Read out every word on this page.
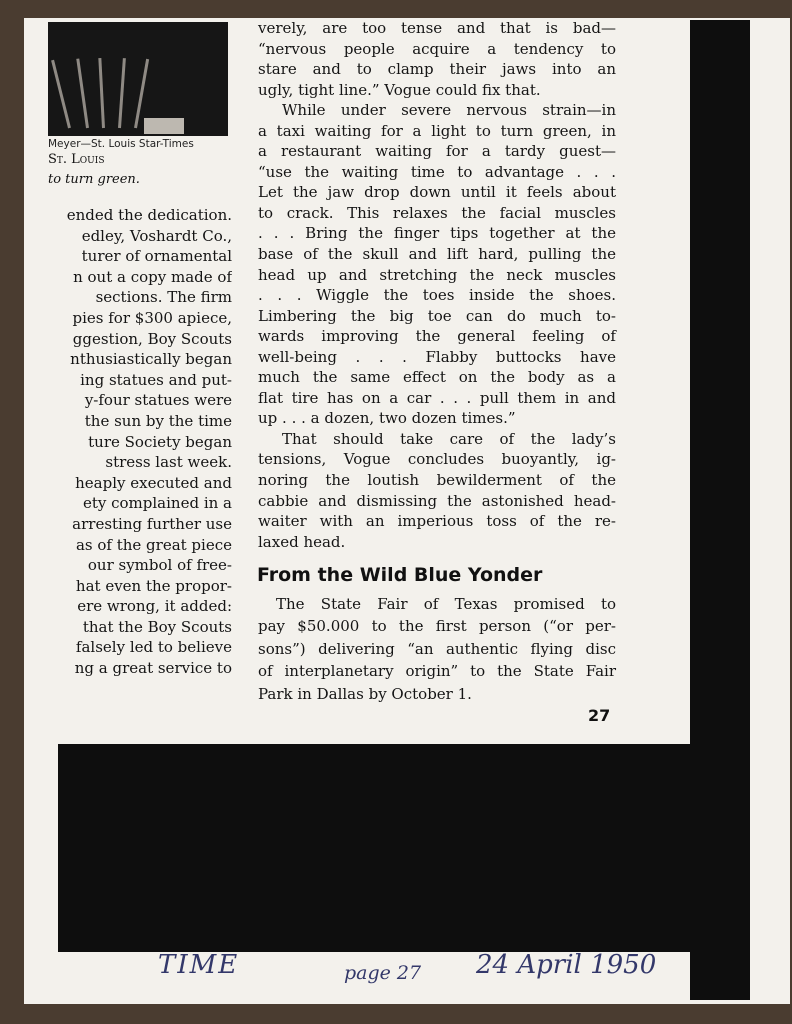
Meyer—St. Louis Star-Times
St. Louis
to turn green.
ended the dedication.
edley, Voshardt Co.,
turer of ornamental
n out a copy made of
sections. The firm
pies for $300 apiece,
ggestion, Boy Scouts
nthusiastically began
ing statues and put-
y-four statues were
the sun by the time
ture Society began
stress last week.
heaply executed and
ety complained in a
arresting further use
as of the great piece
our symbol of free-
hat even the propor-
ere wrong, it added:
that the Boy Scouts
falsely led to believe
ng a great service to
verely, are too tense and that is bad—
“nervous people acquire a tendency to
stare and to clamp their jaws into an
ugly, tight line.” Vogue could fix that.
While under severe nervous strain—in
a taxi waiting for a light to turn green, in
a restaurant waiting for a tardy guest—
“use the waiting time to advantage . . .
Let the jaw drop down until it feels about
to crack. This relaxes the facial muscles
. . . Bring the finger tips together at the
base of the skull and lift hard, pulling the
head up and stretching the neck muscles
. . . Wiggle the toes inside the shoes.
Limbering the big toe can do much to-
wards improving the general feeling of
well-being . . . Flabby buttocks have
much the same effect on the body as a
flat tire has on a car . . . pull them in and
up . . . a dozen, two dozen times.”
That should take care of the lady’s
tensions, Vogue concludes buoyantly, ig-
noring the loutish bewilderment of the
cabbie and dismissing the astonished head-
waiter with an imperious toss of the re-
laxed head.
From the Wild Blue Yonder
The State Fair of Texas promised to
pay $50.000 to the first person (“or per-
sons”) delivering “an authentic flying disc
of interplanetary origin” to the State Fair
Park in Dallas by October 1.
27
TIME	page 27 24 April 1950
